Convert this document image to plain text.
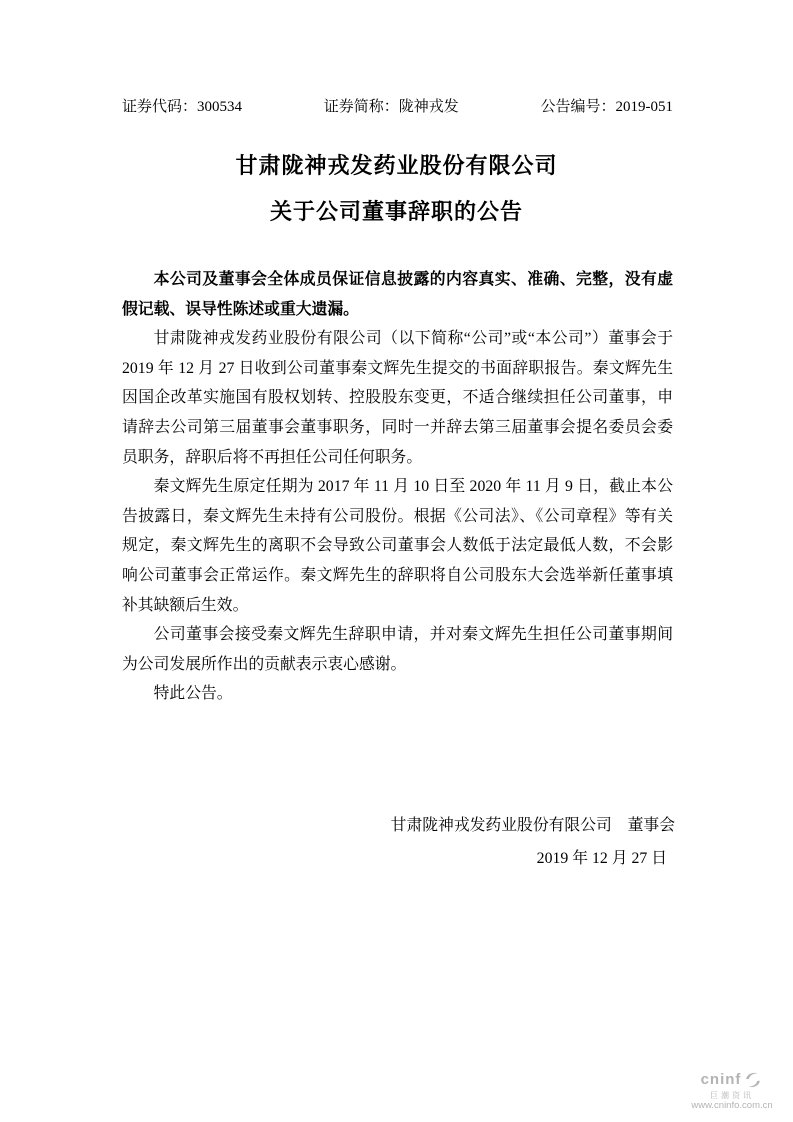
证券代码：300534	证券简称：陇神戎发	公告编号：2019-051
甘肃陇神戎发药业股份有限公司
关于公司董事辞职的公告

本公司及董事会全体成员保证信息披露的内容真实、准确、完整，没有虚假记载、误导性陈述或重大遗漏。

甘肃陇神戎发药业股份有限公司（以下简称“公司”或“本公司”）董事会于 2019 年 12 月 27 日收到公司董事秦文辉先生提交的书面辞职报告。秦文辉先生因国企改革实施国有股权划转、控股股东变更，不适合继续担任公司董事，申请辞去公司第三届董事会董事职务，同时一并辞去第三届董事会提名委员会委员职务，辞职后将不再担任公司任何职务。

秦文辉先生原定任期为 2017 年 11 月 10 日至 2020 年 11 月 9 日，截止本公告披露日，秦文辉先生未持有公司股份。根据《公司法》、《公司章程》等有关规定，秦文辉先生的离职不会导致公司董事会人数低于法定最低人数，不会影响公司董事会正常运作。秦文辉先生的辞职将自公司股东大会选举新任董事填补其缺额后生效。

公司董事会接受秦文辉先生辞职申请，并对秦文辉先生担任公司董事期间为公司发展所作出的贡献表示衷心感谢。

特此公告。

甘肃陇神戎发药业股份有限公司　董事会
2019 年 12 月 27 日
cninf
巨潮资讯
www.cninfo.com.cn
